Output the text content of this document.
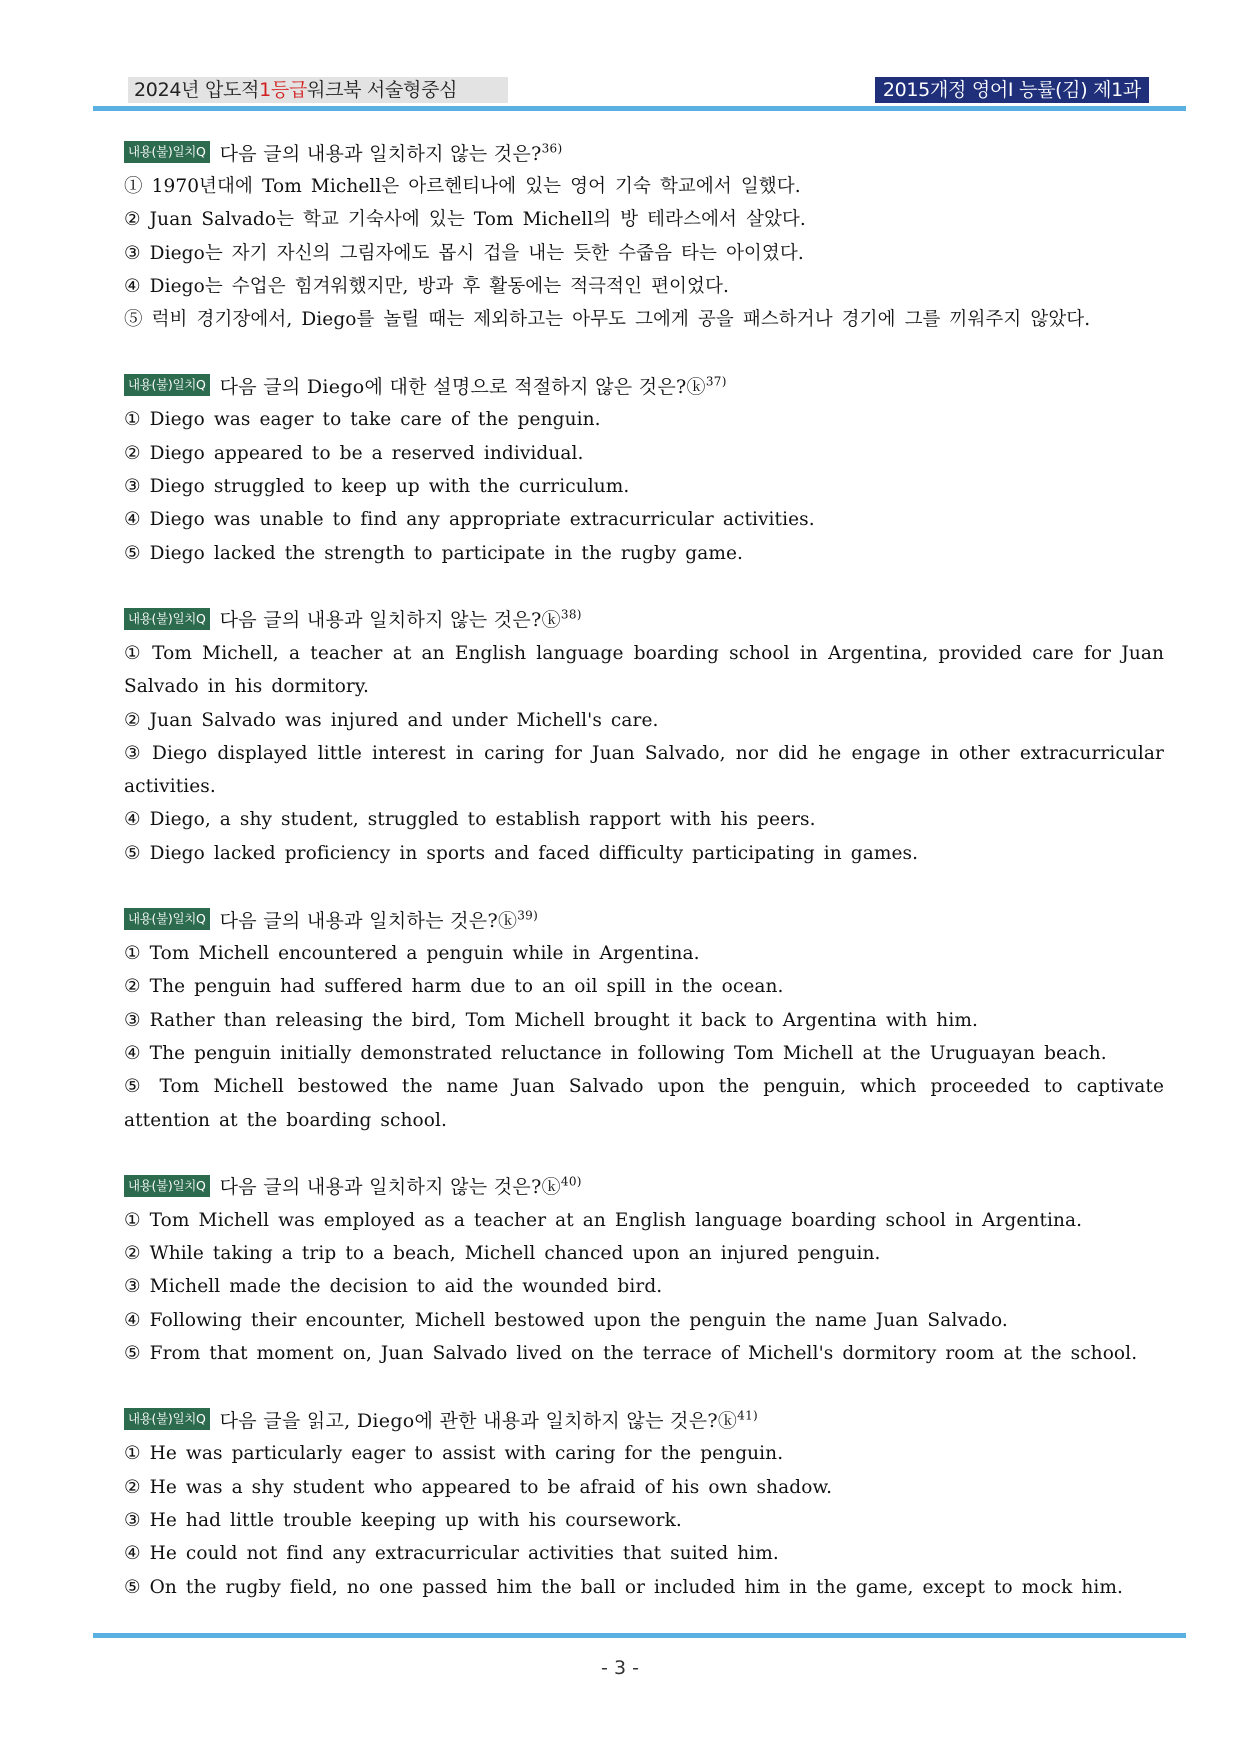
2024년 압도적1등급워크북 서술형중심	2015개정 영어Ⅰ 능률(김) 제1과
내용(불)일치Q 다음 글의 내용과 일치하지 않는 것은?$^{36)}$
① 1970년대에 Tom Michell은 아르헨티나에 있는 영어 기숙 학교에서 일했다.
② Juan Salvado는 학교 기숙사에 있는 Tom Michell의 방 테라스에서 살았다.
③ Diego는 자기 자신의 그림자에도 몹시 겁을 내는 듯한 수줍음 타는 아이였다.
④ Diego는 수업은 힘겨워했지만, 방과 후 활동에는 적극적인 편이었다.
⑤ 럭비 경기장에서, Diego를 놀릴 때는 제외하고는 아무도 그에게 공을 패스하거나 경기에 그를 끼워주지 않았다.
내용(불)일치Q 다음 글의 Diego에 대한 설명으로 적절하지 않은 것은?ⓚ$^{37)}$
① Diego was eager to take care of the penguin.
② Diego appeared to be a reserved individual.
③ Diego struggled to keep up with the curriculum.
④ Diego was unable to find any appropriate extracurricular activities.
⑤ Diego lacked the strength to participate in the rugby game.
내용(불)일치Q 다음 글의 내용과 일치하지 않는 것은?ⓚ$^{38)}$
① Tom Michell, a teacher at an English language boarding school in Argentina, provided care for Juan Salvado in his dormitory.
② Juan Salvado was injured and under Michell's care.
③ Diego displayed little interest in caring for Juan Salvado, nor did he engage in other extracurricular activities.
④ Diego, a shy student, struggled to establish rapport with his peers.
⑤ Diego lacked proficiency in sports and faced difficulty participating in games.
내용(불)일치Q 다음 글의 내용과 일치하는 것은?ⓚ$^{39)}$
① Tom Michell encountered a penguin while in Argentina.
② The penguin had suffered harm due to an oil spill in the ocean.
③ Rather than releasing the bird, Tom Michell brought it back to Argentina with him.
④ The penguin initially demonstrated reluctance in following Tom Michell at the Uruguayan beach.
⑤ Tom Michell bestowed the name Juan Salvado upon the penguin, which proceeded to captivate attention at the boarding school.
내용(불)일치Q 다음 글의 내용과 일치하지 않는 것은?ⓚ$^{40)}$
① Tom Michell was employed as a teacher at an English language boarding school in Argentina.
② While taking a trip to a beach, Michell chanced upon an injured penguin.
③ Michell made the decision to aid the wounded bird.
④ Following their encounter, Michell bestowed upon the penguin the name Juan Salvado.
⑤ From that moment on, Juan Salvado lived on the terrace of Michell's dormitory room at the school.
내용(불)일치Q 다음 글을 읽고, Diego에 관한 내용과 일치하지 않는 것은?ⓚ$^{41)}$
① He was particularly eager to assist with caring for the penguin.
② He was a shy student who appeared to be afraid of his own shadow.
③ He had little trouble keeping up with his coursework.
④ He could not find any extracurricular activities that suited him.
⑤ On the rugby field, no one passed him the ball or included him in the game, except to mock him.
- 3 -
